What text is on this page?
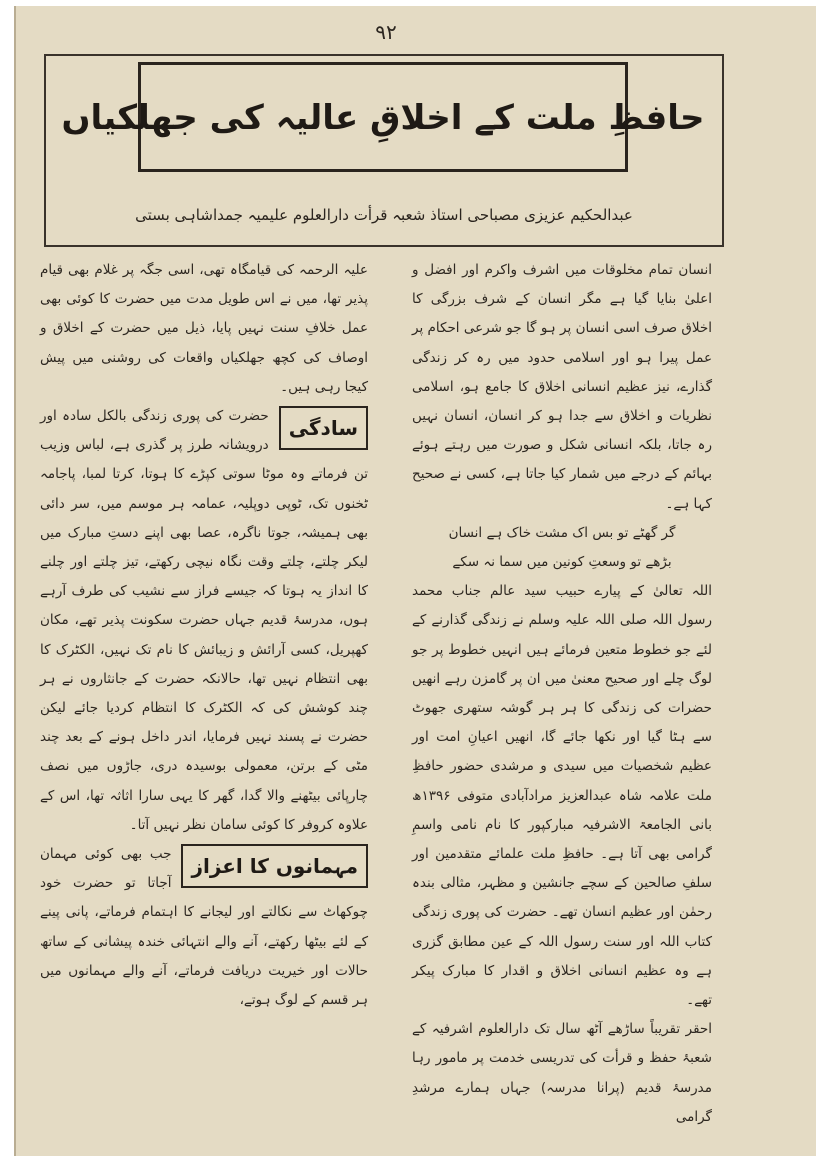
۹۲
حافظِ ملت کے اخلاقِ عالیہ کی جھلکیاں
عبدالحکیم عزیزی مصباحی استاذ شعبہ قرأت دارالعلوم علیمیہ جمداشاہی بستی

انسان تمام مخلوقات میں اشرف واکرم اور افضل و اعلیٰ بنایا گیا ہے مگر انسان کے شرف بزرگی کا اخلاق صرف اسی انسان پر ہو گا جو شرعی احکام پر عمل پیرا ہو اور اسلامی حدود میں رہ کر زندگی گذارے، نیز عظیم انسانی اخلاق کا جامع ہو، اسلامی نظریات و اخلاق سے جدا ہو کر انسان، انسان نہیں رہ جاتا، بلکہ انسانی شکل و صورت میں رہتے ہوئے بہائم کے درجے میں شمار کیا جاتا ہے، کسی نے صحیح کہا ہے۔

گر گھٹے تو بس اک مشت خاک ہے انسان

بڑھے تو وسعتِ کونین میں سما نہ سکے

اللہ تعالیٰ کے پیارے حبیب سید عالم جناب محمد رسول اللہ صلی اللہ علیہ وسلم نے زندگی گذارنے کے لئے جو خطوط متعین فرمائے ہیں انہیں خطوط پر جو لوگ چلے اور صحیح معنیٰ میں ان پر گامزن رہے انھیں حضرات کی زندگی کا ہر ہر گوشہ ستھری جھوٹ سے ہٹا گیا اور نکھا جائے گا، انھیں اعیانِ امت اور عظیم شخصیات میں سیدی و مرشدی حضور حافظِ ملت علامہ شاہ عبدالعزیز مرادآبادی متوفی ۱۳۹۶ھ بانی الجامعۃ الاشرفیہ مبارکپور کا نام نامی واسمِ گرامی بھی آتا ہے۔ حافظِ ملت علمائے متقدمین اور سلفِ صالحین کے سچے جانشین و مظہر، مثالی بندہ رحمٰن اور عظیم انسان تھے۔ حضرت کی پوری زندگی کتاب اللہ اور سنت رسول اللہ کے عین مطابق گزری ہے وہ عظیم انسانی اخلاق و اقدار کا مبارک پیکر تھے۔

احقر تقریباً ساڑھے آٹھ سال تک دارالعلوم اشرفیہ کے شعبۂ حفظ و قرأت کی تدریسی خدمت پر مامور رہا مدرسۂ قدیم (پرانا مدرسہ) جہاں ہمارے مرشدِ گرامی

علیہ الرحمہ کی قیامگاہ تھی، اسی جگہ پر غلام بھی قیام پذیر تھا، میں نے اس طویل مدت میں حضرت کا کوئی بھی عمل خلافِ سنت نہیں پایا، ذیل میں حضرت کے اخلاق و اوصاف کی کچھ جھلکیاں واقعات کی روشنی میں پیش کیجا رہی ہیں۔

سادگی

حضرت کی پوری زندگی بالکل سادہ اور درویشانہ طرز پر گذری ہے، لباس وزیب تن فرماتے وہ موٹا سوتی کپڑے کا ہوتا، کرتا لمبا، پاجامہ ٹخنوں تک، ٹوپی دوپلیہ، عمامہ ہر موسم میں، سر دائی بھی ہمیشہ، جوتا ناگرہ، عصا بھی اپنے دستِ مبارک میں لیکر چلتے، چلتے وقت نگاہ نیچی رکھتے، تیز چلتے اور چلنے کا انداز یہ ہوتا کہ جیسے فراز سے نشیب کی طرف آرہے ہوں، مدرسۂ قدیم جہاں حضرت سکونت پذیر تھے، مکان کھپریل، کسی آرائش و زیبائش کا نام تک نہیں، الکٹرک کا بھی انتظام نہیں تھا، حالانکہ حضرت کے جانثاروں نے ہر چند کوشش کی کہ الکٹرک کا انتظام کردیا جائے لیکن حضرت نے پسند نہیں فرمایا، اندر داخل ہونے کے بعد چند مٹی کے برتن، معمولی بوسیدہ دری، جاڑوں میں نصف چارپائی بیٹھنے والا گدا، گھر کا یہی سارا اثاثہ تھا، اس کے علاوہ کروفر کا کوئی سامان نظر نہیں آتا۔

مہمانوں کا اعزاز

جب بھی کوئی مہمان آجاتا تو حضرت خود چوکھاٹ سے نکالتے اور لیجانے کا اہتمام فرماتے، پانی پینے کے لئے بیٹھا رکھتے، آنے والے انتہائی خندہ پیشانی کے ساتھ حالات اور خیریت دریافت فرماتے، آنے والے مہمانوں میں ہر قسم کے لوگ ہوتے،
